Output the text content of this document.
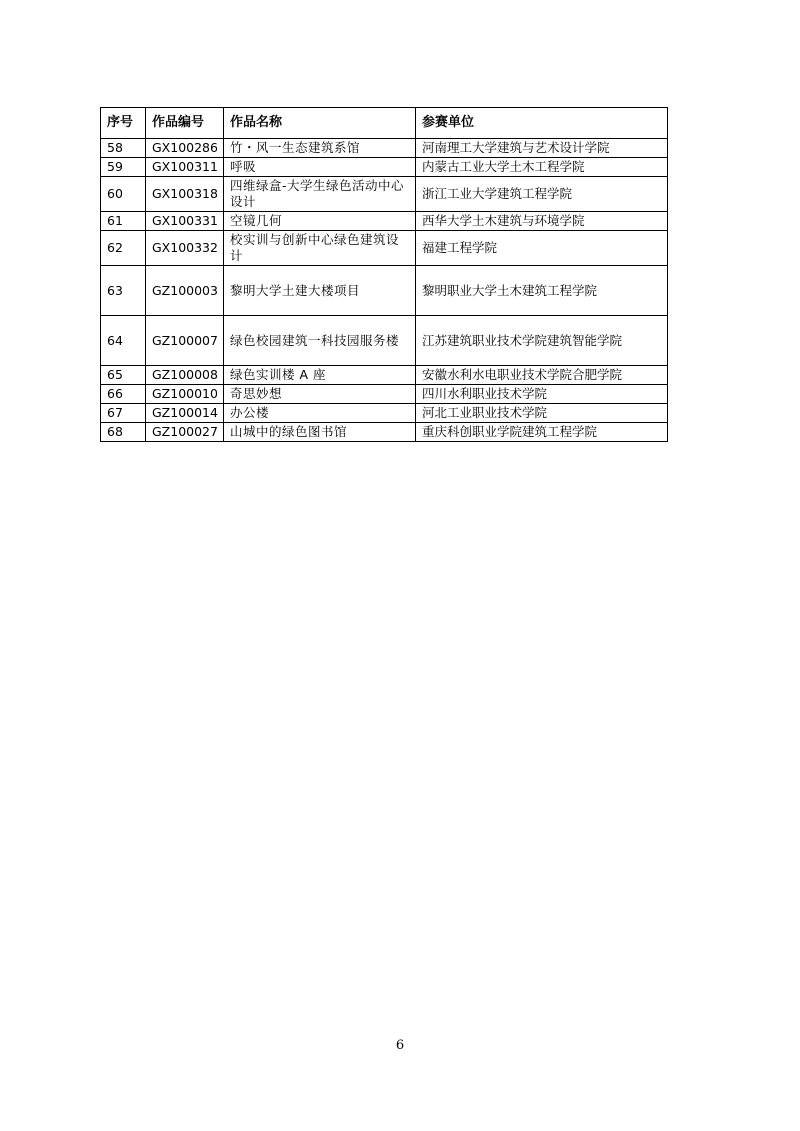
序号	作品编号	作品名称	参赛单位
58	GX100286	竹・风一生态建筑系馆	河南理工大学建筑与艺术设计学院
59	GX100311	呼吸	内蒙古工业大学土木工程学院
60	GX100318	四维绿盒-大学生绿色活动中心设计	浙江工业大学建筑工程学院
61	GX100331	空镜几何	西华大学土木建筑与环境学院
62	GX100332	校实训与创新中心绿色建筑设计	福建工程学院
63	GZ100003	黎明大学土建大楼项目	黎明职业大学土木建筑工程学院
64	GZ100007	绿色校园建筑一科技园服务楼	江苏建筑职业技术学院建筑智能学院
65	GZ100008	绿色实训楼 A 座	安徽水利水电职业技术学院合肥学院
66	GZ100010	奇思妙想	四川水利职业技术学院
67	GZ100014	办公楼	河北工业职业技术学院
68	GZ100027	山城中的绿色图书馆	重庆科创职业学院建筑工程学院
6
